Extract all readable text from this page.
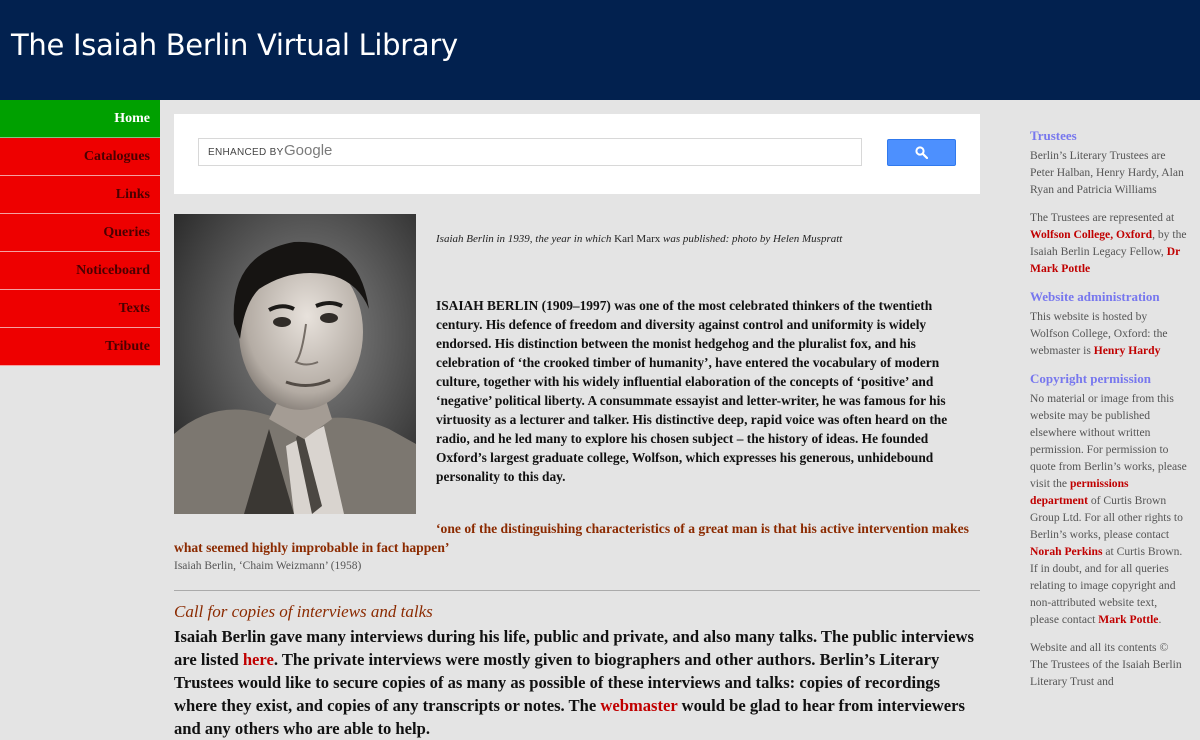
The Isaiah Berlin Virtual Library
Home
Catalogues
Links
Queries
Noticeboard
Texts
Tribute
ENHANCED BY Google
Isaiah Berlin in 1939, the year in which Karl Marx was published: photo by Helen Muspratt

ISAIAH BERLIN (1909–1997) was one of the most celebrated thinkers of the twentieth century. His defence of freedom and diversity against control and uniformity is widely endorsed. His distinction between the monist hedgehog and the pluralist fox, and his celebration of ‘the crooked timber of humanity’, have entered the vocabulary of modern culture, together with his widely influential elaboration of the concepts of ‘positive’ and ‘negative’ political liberty. A consummate essayist and letter-writer, he was famous for his virtuosity as a lecturer and talker. His distinctive deep, rapid voice was often heard on the radio, and he led many to explore his chosen subject – the history of ideas. He founded Oxford’s largest graduate college, Wolfson, which expresses his generous, unhidebound personality to this day.

‘one of the distinguishing characteristics of a great man is that his active intervention makes what seemed highly improbable in fact happen’
Isaiah Berlin, ‘Chaim Weizmann’ (1958)
Call for copies of interviews and talks
Isaiah Berlin gave many interviews during his life, public and private, and also many talks. The public interviews are listed here. The private interviews were mostly given to biographers and other authors. Berlin’s Literary Trustees would like to secure copies of as many as possible of these interviews and talks: copies of recordings where they exist, and copies of any transcripts or notes. The webmaster would be glad to hear from interviewers and any others who are able to help.
Trustees

Berlin’s Literary Trustees are Peter Halban, Henry Hardy, Alan Ryan and Patricia Williams

The Trustees are represented at Wolfson College, Oxford, by the Isaiah Berlin Legacy Fellow, Dr Mark Pottle

Website administration

This website is hosted by Wolfson College, Oxford: the webmaster is Henry Hardy

Copyright permission

No material or image from this website may be published elsewhere without written permission. For permission to quote from Berlin’s works, please visit the permissions department of Curtis Brown Group Ltd. For all other rights to Berlin’s works, please contact Norah Perkins at Curtis Brown. If in doubt, and for all queries relating to image copyright and non-attributed website text, please contact Mark Pottle.

Website and all its contents © The Trustees of the Isaiah Berlin Literary Trust and
